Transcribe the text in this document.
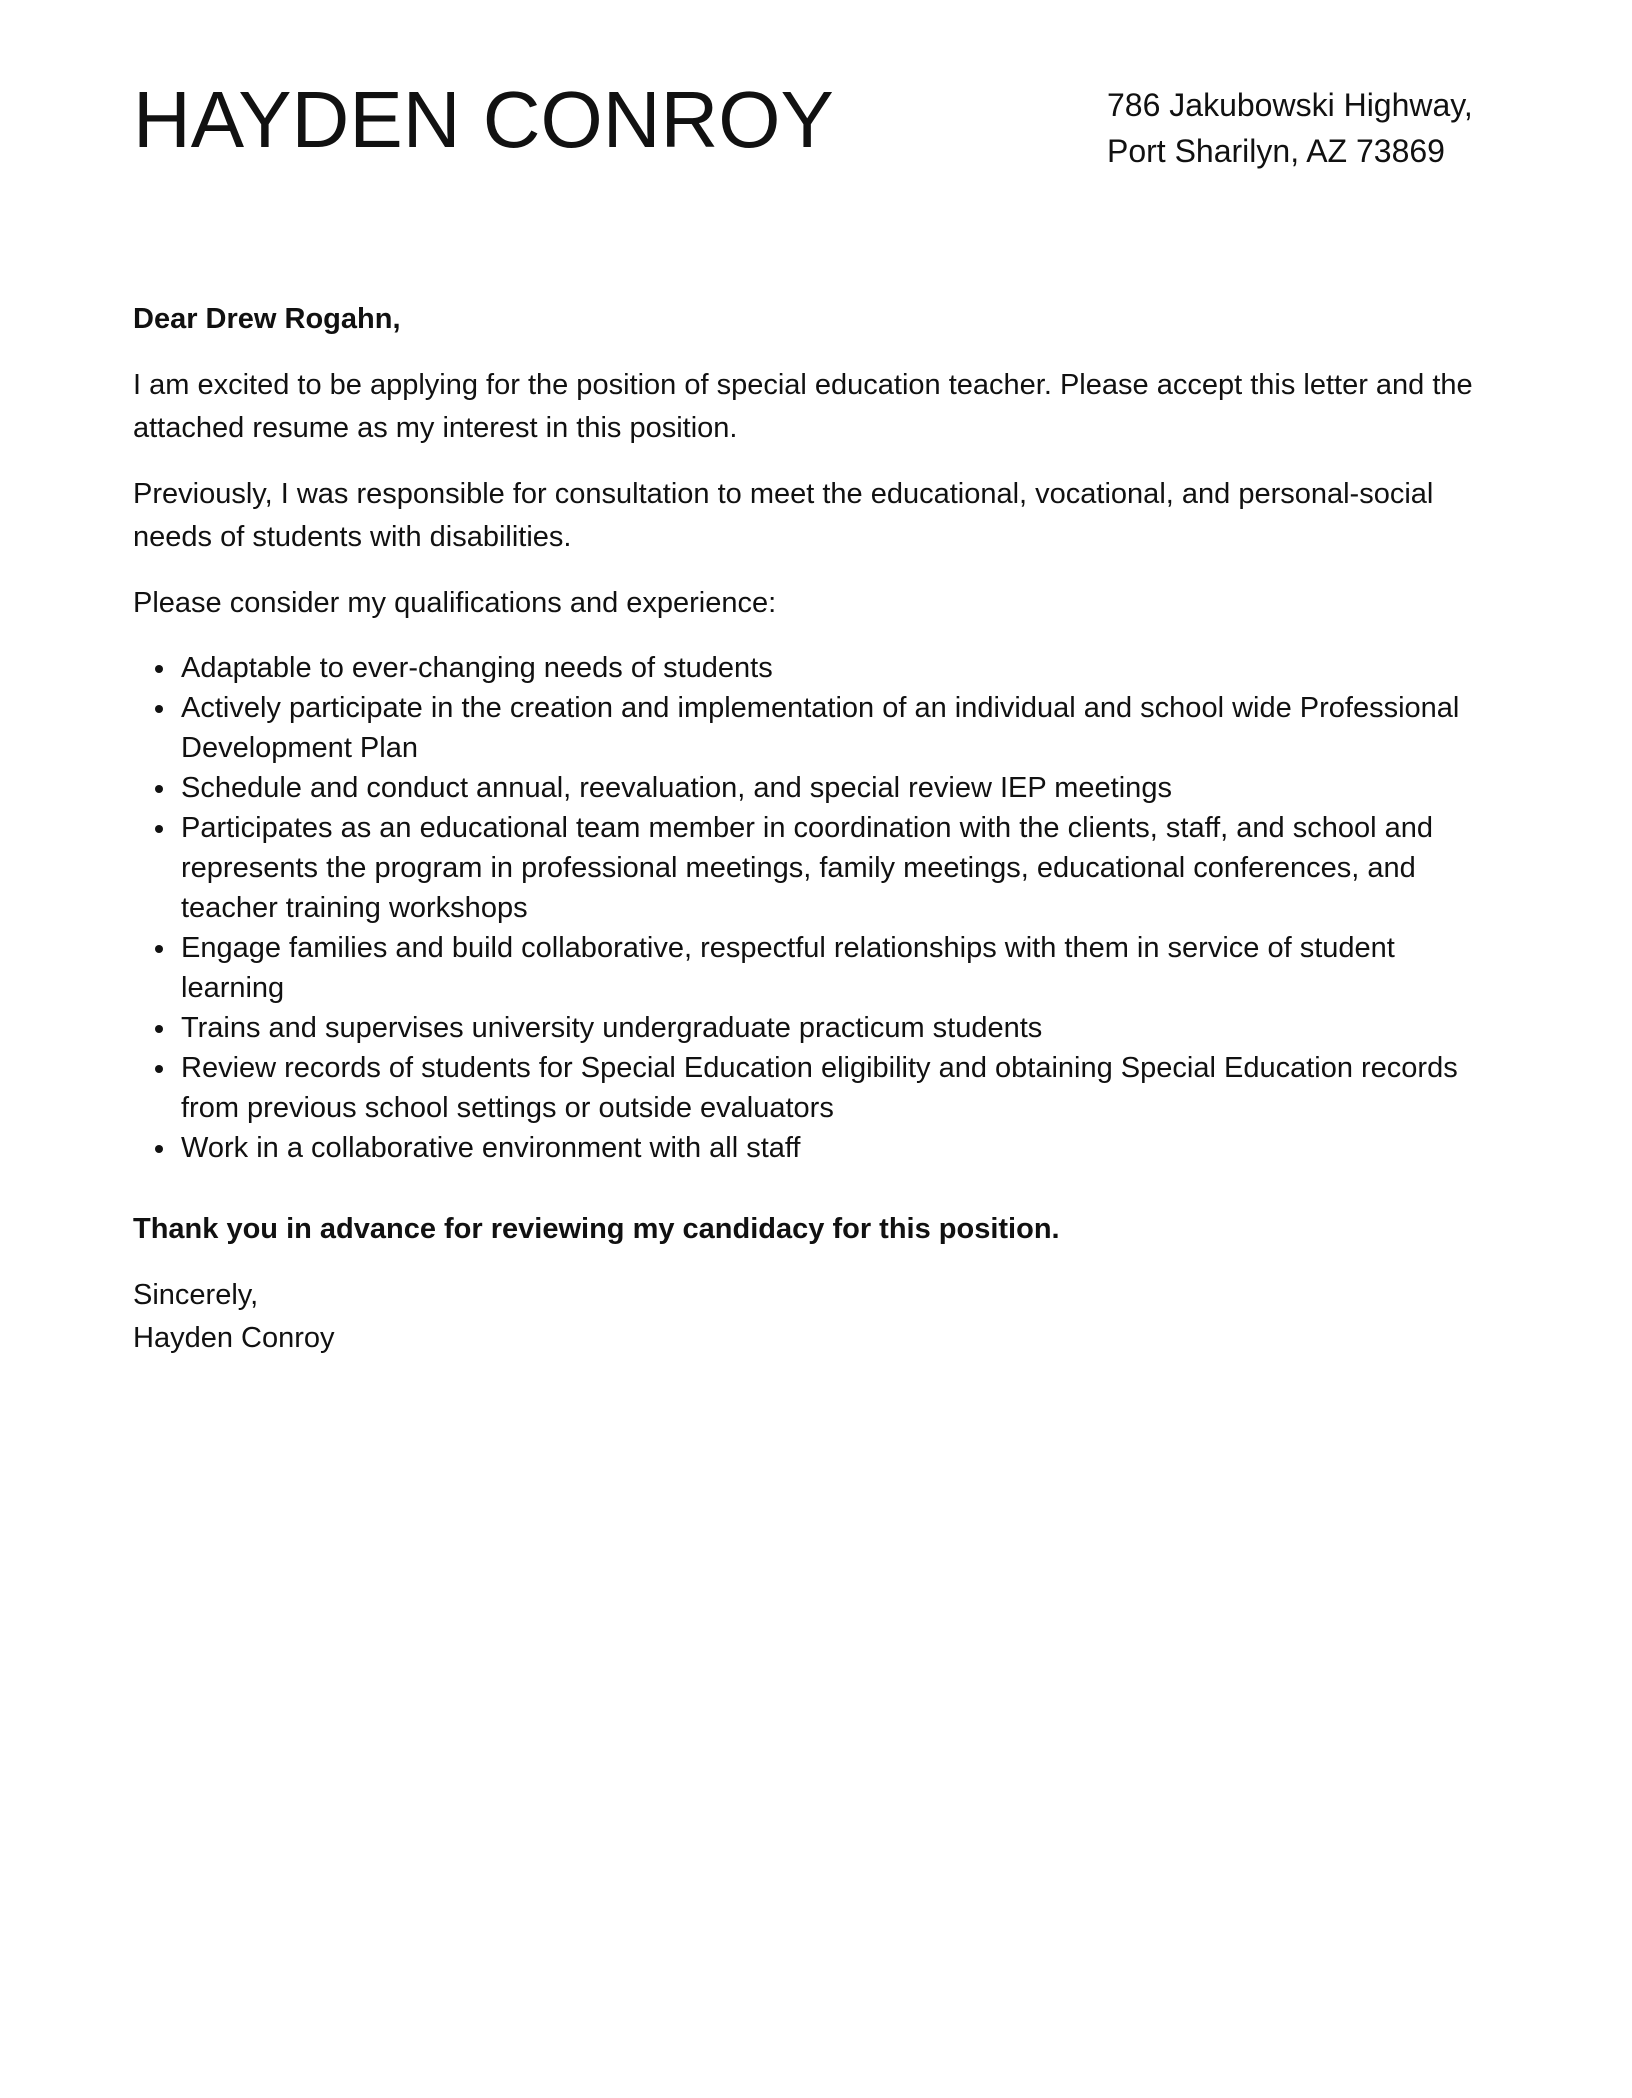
HAYDEN CONROY	786 Jakubowski Highway,
Port Sharilyn, AZ 73869

Dear Drew Rogahn,

I am excited to be applying for the position of special education teacher. Please accept this letter and the attached resume as my interest in this position.

Previously, I was responsible for consultation to meet the educational, vocational, and personal-social needs of students with disabilities.

Please consider my qualifications and experience:

Adaptable to ever-changing needs of students
Actively participate in the creation and implementation of an individual and school wide Professional Development Plan
Schedule and conduct annual, reevaluation, and special review IEP meetings
Participates as an educational team member in coordination with the clients, staff, and school and represents the program in professional meetings, family meetings, educational conferences, and teacher training workshops
Engage families and build collaborative, respectful relationships with them in service of student learning
Trains and supervises university undergraduate practicum students
Review records of students for Special Education eligibility and obtaining Special Education records from previous school settings or outside evaluators
Work in a collaborative environment with all staff

Thank you in advance for reviewing my candidacy for this position.

Sincerely,
Hayden Conroy
